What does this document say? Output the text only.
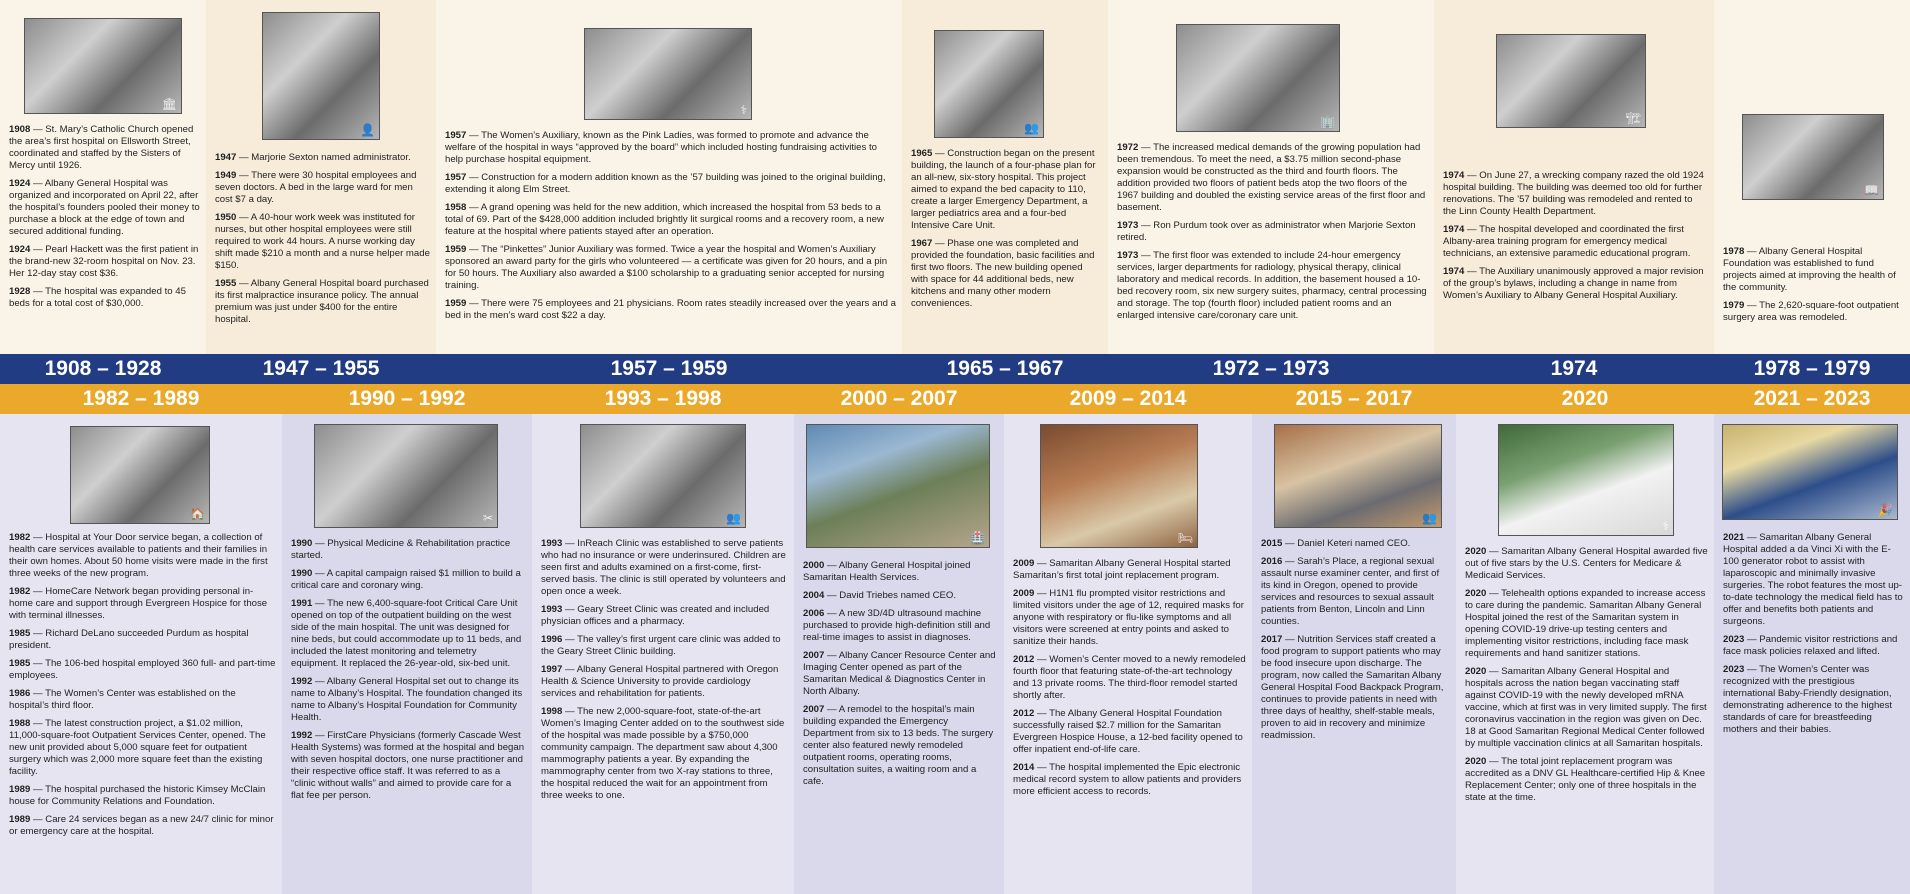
🏛

1908 — St. Mary’s Catholic Church opened the area’s first hospital on Ellsworth Street, coordinated and staffed by the Sisters of Mercy until 1926.

1924 — Albany General Hospital was organized and incorporated on April 22, after the hospital’s founders pooled their money to purchase a block at the edge of town and secured additional funding.

1924 — Pearl Hackett was the first patient in the brand-new 32-room hospital on Nov. 23. Her 12-day stay cost $36.

1928 — The hospital was expanded to 45 beds for a total cost of $30,000.

👤

1947 — Marjorie Sexton named administrator.

1949 — There were 30 hospital employees and seven doctors. A bed in the large ward for men cost $7 a day.

1950 — A 40-hour work week was instituted for nurses, but other hospital employees were still required to work 44 hours. A nurse working day shift made $210 a month and a nurse helper made $150.

1955 — Albany General Hospital board purchased its first malpractice insurance policy. The annual premium was just under $400 for the entire hospital.

⚕

1957 — The Women’s Auxiliary, known as the Pink Ladies, was formed to promote and advance the welfare of the hospital in ways “approved by the board” which included hosting fundraising activities to help purchase hospital equipment.

1957 — Construction for a modern addition known as the ’57 building was joined to the original building, extending it along Elm Street.

1958 — A grand opening was held for the new addition, which increased the hospital from 53 beds to a total of 69. Part of the $428,000 addition included brightly lit surgical rooms and a recovery room, a new feature at the hospital where patients stayed after an operation.

1959 — The “Pinkettes” Junior Auxiliary was formed. Twice a year the hospital and Women’s Auxiliary sponsored an award party for the girls who volunteered — a certificate was given for 20 hours, and a pin for 50 hours. The Auxiliary also awarded a $100 scholarship to a graduating senior accepted for nursing training.

1959 — There were 75 employees and 21 physicians. Room rates steadily increased over the years and a bed in the men’s ward cost $22 a day.

👥

1965 — Construction began on the present building, the launch of a four-phase plan for an all-new, six-story hospital. This project aimed to expand the bed capacity to 110, create a larger Emergency Department, a larger pediatrics area and a four-bed Intensive Care Unit.

1967 — Phase one was completed and provided the foundation, basic facilities and first two floors. The new building opened with space for 44 additional beds, new kitchens and many other modern conveniences.

🏢

1972 — The increased medical demands of the growing population had been tremendous. To meet the need, a $3.75 million second-phase expansion would be constructed as the third and fourth floors. The addition provided two floors of patient beds atop the two floors of the 1967 building and doubled the existing service areas of the first floor and basement.

1973 — Ron Purdum took over as administrator when Marjorie Sexton retired.

1973 — The first floor was extended to include 24-hour emergency services, larger departments for radiology, physical therapy, clinical laboratory and medical records. In addition, the basement housed a 10-bed recovery room, six new surgery suites, pharmacy, central processing and storage. The top (fourth floor) included patient rooms and an enlarged intensive care/coronary care unit.

🏗

1974 — On June 27, a wrecking company razed the old 1924 hospital building. The building was deemed too old for further renovations. The ’57 building was remodeled and rented to the Linn County Health Department.

1974 — The hospital developed and coordinated the first Albany-area training program for emergency medical technicians, an extensive paramedic educational program.

1974 — The Auxiliary unanimously approved a major revision of the group’s bylaws, including a change in name from Women’s Auxiliary to Albany General Hospital Auxiliary.

📖

1978 — Albany General Hospital Foundation was established to fund projects aimed at improving the health of the community.

1979 — The 2,620-square-foot outpatient surgery area was remodeled.

1908 – 1928	1947 – 1955	1957 – 1959	1965 – 1967	1972 – 1973	1974	1978 – 1979
1982 – 1989	1990 – 1992	1993 – 1998	2000 – 2007	2009 – 2014	2015 – 2017	2020	2021 – 2023
🏠

1982 — Hospital at Your Door service began, a collection of health care services available to patients and their families in their own homes. About 50 home visits were made in the first three weeks of the new program.

1982 — HomeCare Network began providing personal in-home care and support through Evergreen Hospice for those with terminal illnesses.

1985 — Richard DeLano succeeded Purdum as hospital president.

1985 — The 106-bed hospital employed 360 full- and part-time employees.

1986 — The Women’s Center was established on the hospital’s third floor.

1988 — The latest construction project, a $1.02 million, 11,000-square-foot Outpatient Services Center, opened. The new unit provided about 5,000 square feet for outpatient surgery which was 2,000 more square feet than the existing facility.

1989 — The hospital purchased the historic Kimsey McClain house for Community Relations and Foundation.

1989 — Care 24 services began as a new 24/7 clinic for minor or emergency care at the hospital.

✂

1990 — Physical Medicine & Rehabilitation practice started.

1990 — A capital campaign raised $1 million to build a critical care and coronary wing.

1991 — The new 6,400-square-foot Critical Care Unit opened on top of the outpatient building on the west side of the main hospital. The unit was designed for nine beds, but could accommodate up to 11 beds, and included the latest monitoring and telemetry equipment. It replaced the 26-year-old, six-bed unit.

1992 — Albany General Hospital set out to change its name to Albany’s Hospital. The foundation changed its name to Albany’s Hospital Foundation for Community Health.

1992 — FirstCare Physicians (formerly Cascade West Health Systems) was formed at the hospital and began with seven hospital doctors, one nurse practitioner and their respective office staff. It was referred to as a “clinic without walls” and aimed to provide care for a flat fee per person.

👥

1993 — InReach Clinic was established to serve patients who had no insurance or were underinsured. Children are seen first and adults examined on a first-come, first-served basis. The clinic is still operated by volunteers and open once a week.

1993 — Geary Street Clinic was created and included physician offices and a pharmacy.

1996 — The valley’s first urgent care clinic was added to the Geary Street Clinic building.

1997 — Albany General Hospital partnered with Oregon Health & Science University to provide cardiology services and rehabilitation for patients.

1998 — The new 2,000-square-foot, state-of-the-art Women’s Imaging Center added on to the southwest side of the hospital was made possible by a $750,000 community campaign. The department saw about 4,300 mammography patients a year. By expanding the mammography center from two X-ray stations to three, the hospital reduced the wait for an appointment from three weeks to one.

🏥

2000 — Albany General Hospital joined Samaritan Health Services.

2004 — David Triebes named CEO.

2006 — A new 3D/4D ultrasound machine purchased to provide high-definition still and real-time images to assist in diagnoses.

2007 — Albany Cancer Resource Center and Imaging Center opened as part of the Samaritan Medical & Diagnostics Center in North Albany.

2007 — A remodel to the hospital’s main building expanded the Emergency Department from six to 13 beds. The surgery center also featured newly remodeled outpatient rooms, operating rooms, consultation suites, a waiting room and a cafe.

🛏

2009 — Samaritan Albany General Hospital started Samaritan’s first total joint replacement program.

2009 — H1N1 flu prompted visitor restrictions and limited visitors under the age of 12, required masks for anyone with respiratory or flu-like symptoms and all visitors were screened at entry points and asked to sanitize their hands.

2012 — Women’s Center moved to a newly remodeled fourth floor that featuring state-of-the-art technology and 13 private rooms. The third-floor remodel started shortly after.

2012 — The Albany General Hospital Foundation successfully raised $2.7 million for the Samaritan Evergreen Hospice House, a 12-bed facility opened to offer inpatient end-of-life care.

2014 — The hospital implemented the Epic electronic medical record system to allow patients and providers more efficient access to records.

👥

2015 — Daniel Keteri named CEO.

2016 — Sarah’s Place, a regional sexual assault nurse examiner center, and first of its kind in Oregon, opened to provide services and resources to sexual assault patients from Benton, Lincoln and Linn counties.

2017 — Nutrition Services staff created a food program to support patients who may be food insecure upon discharge. The program, now called the Samaritan Albany General Hospital Food Backpack Program, continues to provide patients in need with three days of healthy, shelf-stable meals, proven to aid in recovery and minimize readmission.

⚕

2020 — Samaritan Albany General Hospital awarded five out of five stars by the U.S. Centers for Medicare & Medicaid Services.

2020 — Telehealth options expanded to increase access to care during the pandemic. Samaritan Albany General Hospital joined the rest of the Samaritan system in opening COVID-19 drive-up testing centers and implementing visitor restrictions, including face mask requirements and hand sanitizer stations.

2020 — Samaritan Albany General Hospital and hospitals across the nation began vaccinating staff against COVID-19 with the newly developed mRNA vaccine, which at first was in very limited supply. The first coronavirus vaccination in the region was given on Dec. 18 at Good Samaritan Regional Medical Center followed by multiple vaccination clinics at all Samaritan hospitals.

2020 — The total joint replacement program was accredited as a DNV GL Healthcare-certified Hip & Knee Replacement Center; only one of three hospitals in the state at the time.

🎉

2021 — Samaritan Albany General Hospital added a da Vinci Xi with the E-100 generator robot to assist with laparoscopic and minimally invasive surgeries. The robot features the most up-to-date technology the medical field has to offer and benefits both patients and surgeons.

2023 — Pandemic visitor restrictions and face mask policies relaxed and lifted.

2023 — The Women’s Center was recognized with the prestigious international Baby-Friendly designation, demonstrating adherence to the highest standards of care for breastfeeding mothers and their babies.
